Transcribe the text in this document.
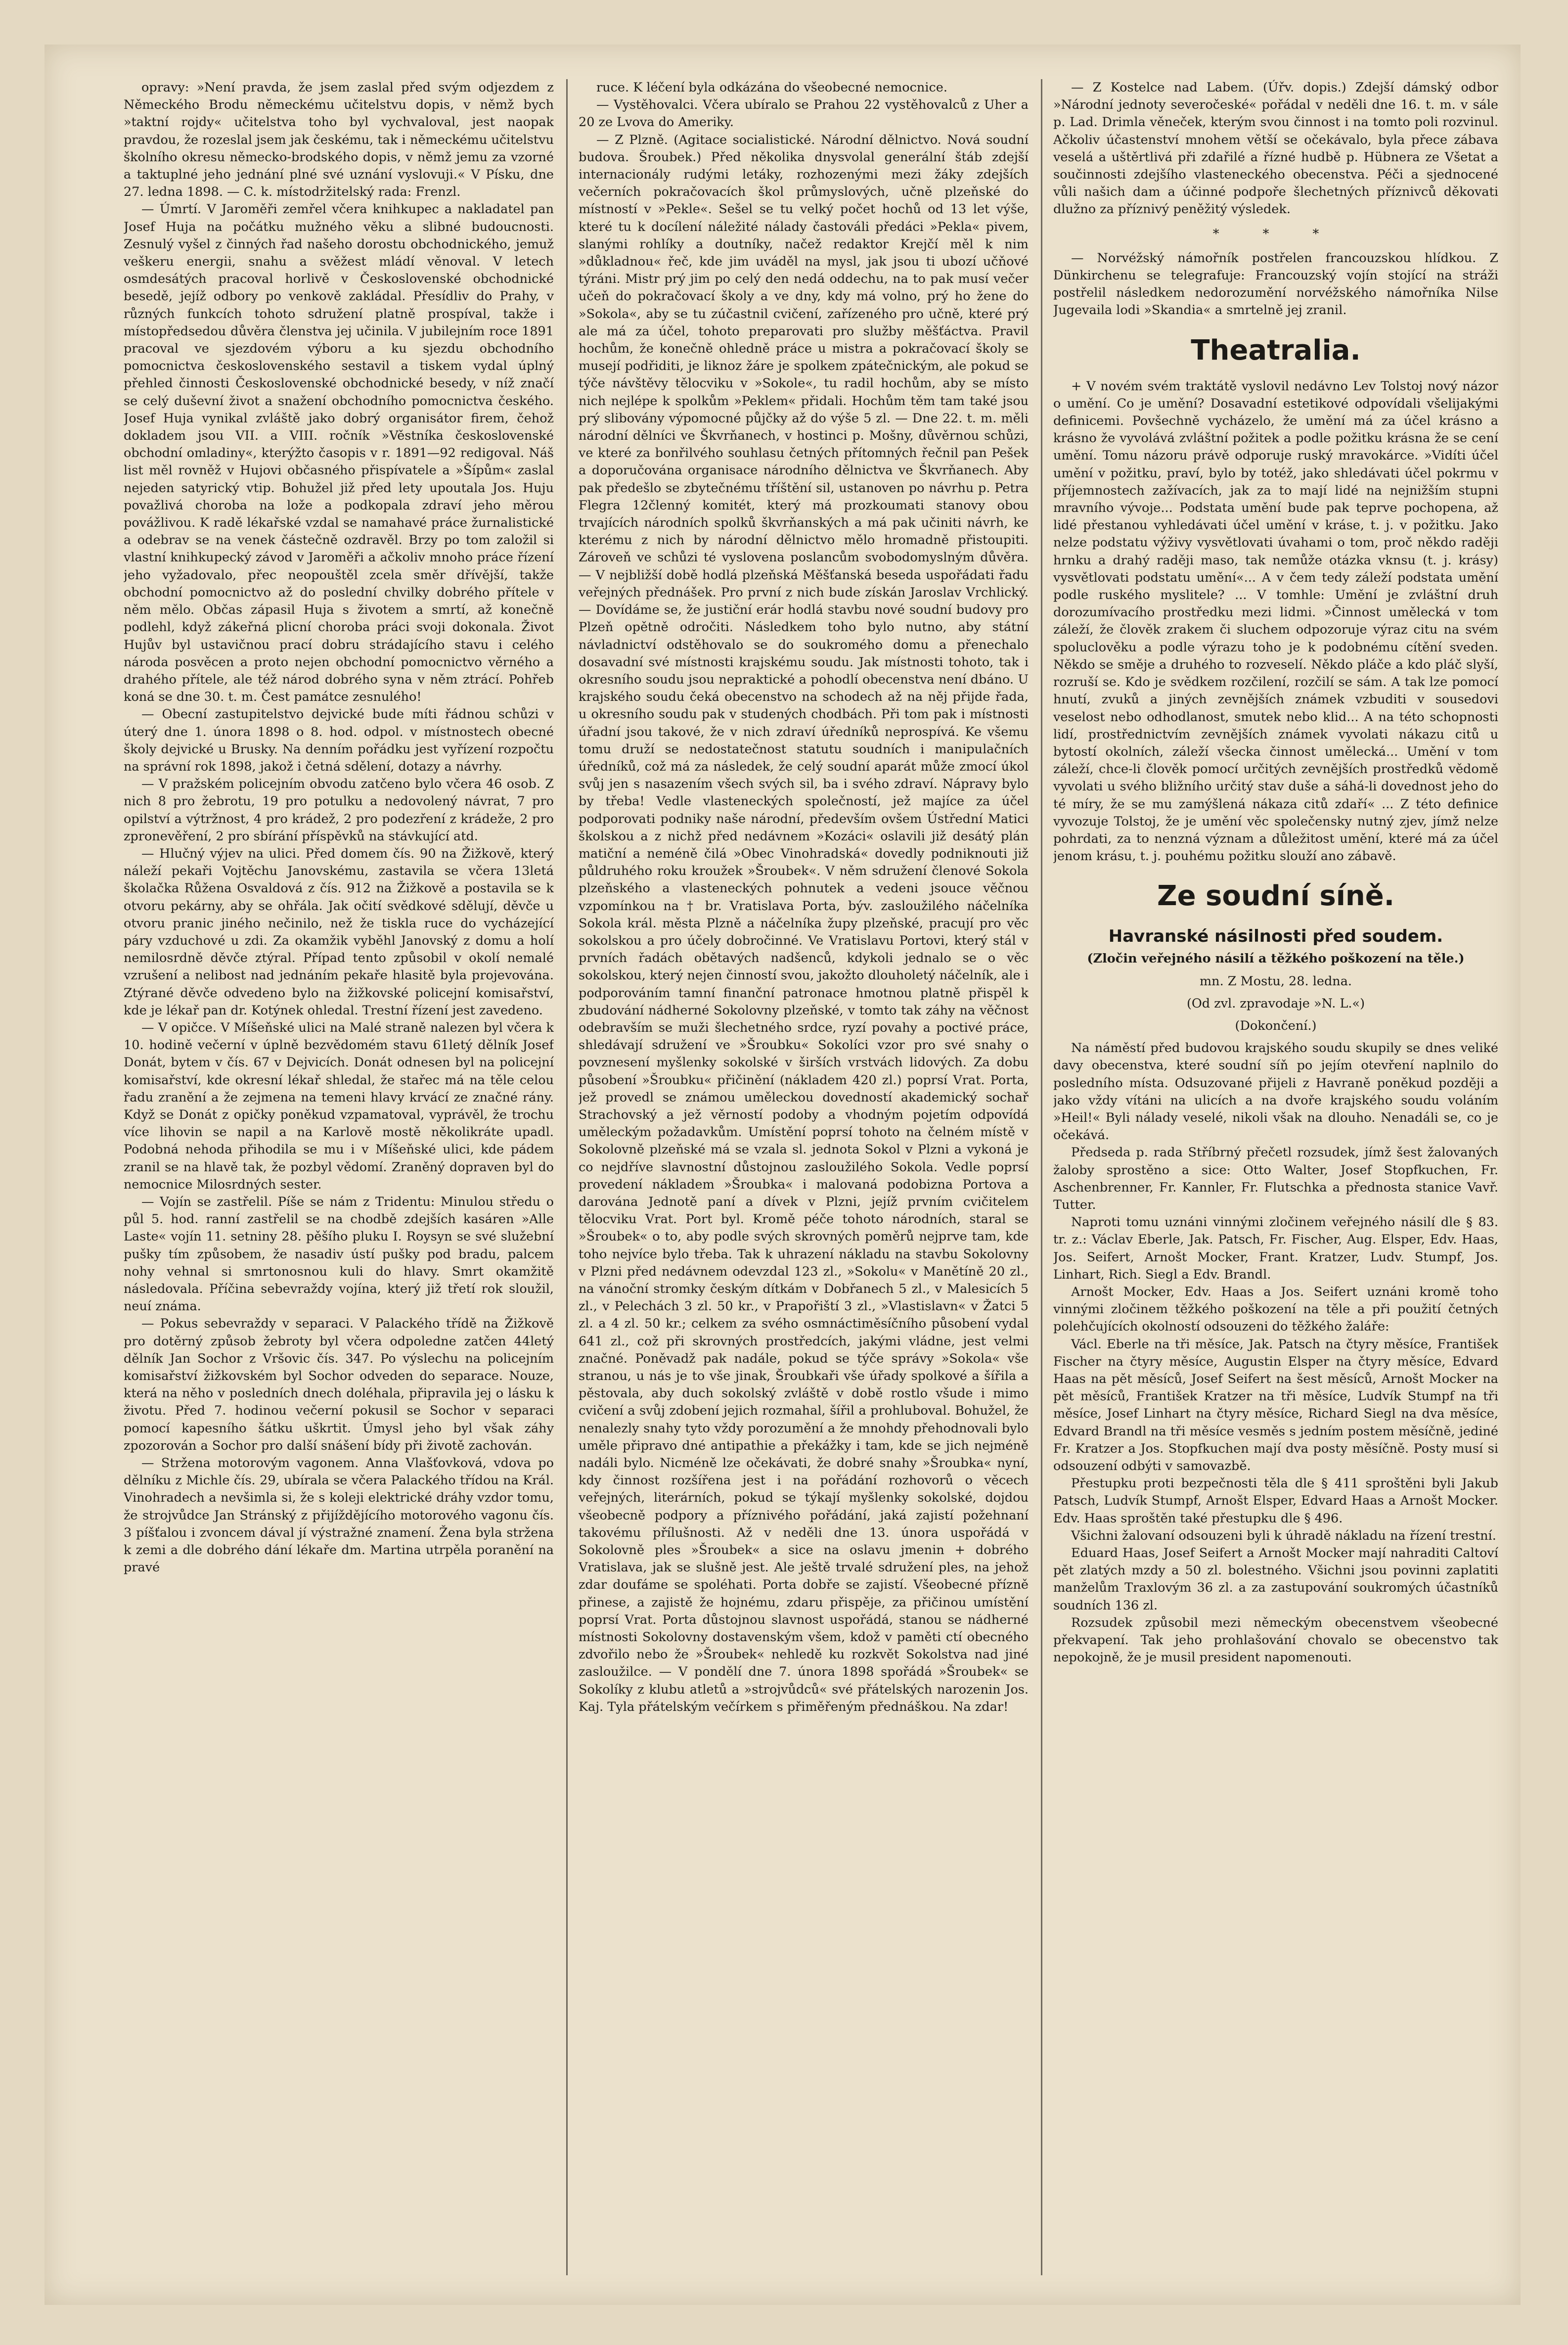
opravy: »Není pravda, že jsem zaslal před svým odjezdem z Německého Brodu německému učitelstvu dopis, v němž bych »taktní rojdy« učitelstva toho byl vychvaloval, jest naopak pravdou, že rozeslal jsem jak českému, tak i německému učitelstvu školního okresu německo-brodského dopis, v němž jemu za vzorné a taktuplné jeho jednání plné své uznání vyslovuji.« V Písku, dne 27. ledna 1898. — C. k. místodržitelský rada: Frenzl.

— Úmrtí. V Jaroměři zemřel včera knihkupec a nakladatel pan Josef Huja na počátku mužného věku a slibné budoucnosti. Zesnulý vyšel z činných řad našeho dorostu obchodnického, jemuž veškeru energii, snahu a svěžest mládí věnoval. V letech osmdesátých pracoval horlivě v Československé obchodnické besedě, jejíž odbory po venkově zakládal. Přesídliv do Prahy, v různých funkcích tohoto sdružení platně prospíval, takže i místopředsedou důvěra členstva jej učinila. V jubilejním roce 1891 pracoval ve sjezdovém výboru a ku sjezdu obchodního pomocnictva československého sestavil a tiskem vydal úplný přehled činnosti Československé obchodnické besedy, v níž značí se celý duševní život a snažení obchodního pomocnictva českého. Josef Huja vynikal zvláště jako dobrý organisátor firem, čehož dokladem jsou VII. a VIII. ročník »Věstníka československé obchodní omladiny«, kterýžto časopis v r. 1891—92 redigoval. Náš list měl rovněž v Hujovi občasného přispívatele a »Šípům« zaslal nejeden satyrický vtip. Bohužel již před lety upoutala Jos. Huju považlivá choroba na lože a podkopala zdraví jeho měrou povážlivou. K radě lékařské vzdal se namahavé práce žurnalistické a odebrav se na venek částečně ozdravěl. Brzy po tom založil si vlastní knihkupecký závod v Jaroměři a ačkoliv mnoho práce řízení jeho vyžadovalo, přec neopouštěl zcela směr dřívější, takže obchodní pomocnictvo až do poslední chvilky dobrého přítele v něm mělo. Občas zápasil Huja s životem a smrtí, až konečně podlehl, když zákeřná plicní choroba práci svoji dokonala. Život Hujův byl ustavičnou prací dobru strádajícího stavu i celého národa posvěcen a proto nejen obchodní pomocnictvo věrného a drahého přítele, ale též národ dobrého syna v něm ztrácí. Pohřeb koná se dne 30. t. m. Čest památce zesnulého!

— Obecní zastupitelstvo dejvické bude míti řádnou schůzi v úterý dne 1. února 1898 o 8. hod. odpol. v místnostech obecné školy dejvické u Brusky. Na denním pořádku jest vyřízení rozpočtu na správní rok 1898, jakož i četná sdělení, dotazy a návrhy.

— V pražském policejním obvodu zatčeno bylo včera 46 osob. Z nich 8 pro žebrotu, 19 pro potulku a nedovolený návrat, 7 pro opilství a výtržnost, 4 pro krádež, 2 pro podezření z krádeže, 2 pro zpronevěření, 2 pro sbírání příspěvků na stávkující atd.

— Hlučný výjev na ulici. Před domem čís. 90 na Žižkově, který náleží pekaři Vojtěchu Janovskému, zastavila se včera 13letá školačka Růžena Osvaldová z čís. 912 na Žižkově a postavila se k otvoru pekárny, aby se ohřála. Jak očití svědkové sdělují, děvče u otvoru pranic jiného nečinilo, než že tiskla ruce do vycházející páry vzduchové u zdi. Za okamžik vyběhl Janovský z domu a holí nemilosrdně děvče ztýral. Případ tento způsobil v okolí nemalé vzrušení a nelibost nad jednáním pekaře hlasitě byla projevována. Ztýrané děvče odvedeno bylo na žižkovské policejní komisařství, kde je lékař pan dr. Kotýnek ohledal. Trestní řízení jest zavedeno.

— V opičce. V Míšeňské ulici na Malé straně nalezen byl včera k 10. hodině večerní v úplně bezvědomém stavu 61letý dělník Josef Donát, bytem v čís. 67 v Dejvicích. Donát odnesen byl na policejní komisařství, kde okresní lékař shledal, že stařec má na těle celou řadu zranění a že zejmena na temeni hlavy krvácí ze značné rány. Když se Donát z opičky poněkud vzpamatoval, vyprávěl, že trochu více lihovin se napil a na Karlově mostě několikráte upadl. Podobná nehoda přihodila se mu i v Míšeňské ulici, kde pádem zranil se na hlavě tak, že pozbyl vědomí. Zraněný dopraven byl do nemocnice Milosrdných sester.

— Vojín se zastřelil. Píše se nám z Tridentu: Minulou středu o půl 5. hod. ranní zastřelil se na chodbě zdejších kasáren »Alle Laste« vojín 11. setniny 28. pěšího pluku I. Roysyn se své služební pušky tím způsobem, že nasadiv ústí pušky pod bradu, palcem nohy vehnal si smrtonosnou kuli do hlavy. Smrt okamžitě následovala. Příčina sebevraždy vojína, který již třetí rok sloužil, neuí známa.

— Pokus sebevraždy v separaci. V Palackého třídě na Žižkově pro dotěrný způsob žebroty byl včera odpoledne zatčen 44letý dělník Jan Sochor z Vršovic čís. 347. Po výslechu na policejním komisařství žižkovském byl Sochor odveden do separace. Nouze, která na něho v posledních dnech doléhala, připravila jej o lásku k životu. Před 7. hodinou večerní pokusil se Sochor v separaci pomocí kapesního šátku uškrtit. Úmysl jeho byl však záhy zpozorován a Sochor pro další snášení bídy při životě zachován.

— Stržena motorovým vagonem. Anna Vlašťovková, vdova po dělníku z Michle čís. 29, ubírala se včera Palackého třídou na Král. Vinohradech a nevšimla si, že s koleji elektrické dráhy vzdor tomu, že strojvůdce Jan Stránský z přijíždějícího motorového vagonu čís. 3 píšťalou i zvoncem dával jí výstražné znamení. Žena byla stržena k zemi a dle dobrého dání lékaře dm. Martina utrpěla poranění na pravé

ruce. K léčení byla odkázána do všeobecné nemocnice.

— Vystěhovalci. Včera ubíralo se Prahou 22 vystěhovalců z Uher a 20 ze Lvova do Ameriky.

— Z Plzně. (Agitace socialistické. Národní dělnictvo. Nová soudní budova. Šroubek.) Před několika dnysvolal generální štáb zdejší internacionály rudými letáky, rozhozenými mezi žáky zdejších večerních pokračovacích škol průmyslových, učně plzeňské do místností v »Pekle«. Sešel se tu velký počet hochů od 13 let výše, které tu k docílení náležité nálady častováli předáci »Pekla« pivem, slanými rohlíky a doutníky, načež redaktor Krejčí měl k nim »důkladnou« řeč, kde jim uváděl na mysl, jak jsou ti ubozí učňové týráni. Mistr prý jim po celý den nedá oddechu, na to pak musí večer učeň do pokračovací školy a ve dny, kdy má volno, prý ho žene do »Sokola«, aby se tu zúčastnil cvičení, zařízeného pro učně, které prý ale má za účel, tohoto preparovati pro služby měšťáctva. Pravil hochům, že konečně ohledně práce u mistra a pokračovací školy se musejí podřiditi, je liknoz žáre je spolkem zpátečnickým, ale pokud se týče návštěvy tělocviku v »Sokole«, tu radil hochům, aby se místo nich nejlépe k spolkům »Peklem« přidali. Hochům těm tam také jsou prý slibovány výpomocné půjčky až do výše 5 zl. — Dne 22. t. m. měli národní dělníci ve Škvrňanech, v hostinci p. Mošny, důvěrnou schůzi, ve které za bonřilvého souhlasu četných přítomných řečnil pan Pešek a doporučována organisace národního dělnictva ve Škvrňanech. Aby pak předešlo se zbytečnému tříštění sil, ustanoven po návrhu p. Petra Flegra 12členný komitét, který má prozkoumati stanovy obou trvajících národních spolků škvrňanských a má pak učiniti návrh, ke kterému z nich by národní dělnictvo mělo hromadně přistoupiti. Zároveň ve schůzi té vyslovena poslancům svobodomyslným důvěra. — V nejbližší době hodlá plzeňská Měšťanská beseda uspořádati řadu veřejných přednášek. Pro první z nich bude získán Jaroslav Vrchlický. — Dovídáme se, že justiční erár hodlá stavbu nové soudní budovy pro Plzeň opětně odročiti. Následkem toho bylo nutno, aby státní návladnictví odstěhovalo se do soukromého domu a přenechalo dosavadní své místnosti krajskému soudu. Jak místnosti tohoto, tak i okresního soudu jsou nepraktické a pohodlí obecenstva není dbáno. U krajského soudu čeká obecenstvo na schodech až na něj přijde řada, u okresního soudu pak v studených chodbách. Při tom pak i místnosti úřadní jsou takové, že v nich zdraví úředníků neprospívá. Ke všemu tomu druží se nedostatečnost statutu soudních i manipulačních úředníků, což má za následek, že celý soudní aparát může zmocí úkol svůj jen s nasazením všech svých sil, ba i svého zdraví. Nápravy bylo by třeba! Vedle vlasteneckých společností, jež majíce za účel podporovati podniky naše národní, především ovšem Ústřední Matici školskou a z nichž před nedávnem »Kozáci« oslavili již desátý plán matiční a neméně čilá »Obec Vinohradská« dovedly podniknouti již půldruhého roku kroužek »Šroubek«. V něm sdružení členové Sokola plzeňského a vlasteneckých pohnutek a vedeni jsouce věčnou vzpomínkou na † br. Vratislava Porta, býv. zasloužilého náčelníka Sokola král. města Plzně a náčelníka župy plzeňské, pracují pro věc sokolskou a pro účely dobročinné. Ve Vratislavu Portovi, který stál v prvních řadách obětavých nadšenců, kdykoli jednalo se o věc sokolskou, který nejen činností svou, jakožto dlouholetý náčelník, ale i podporováním tamní finanční patronace hmotnou platně přispěl k zbudování nádherné Sokolovny plzeňské, v tomto tak záhy na věčnost odebravším se muži šlechetného srdce, ryzí povahy a poctivé práce, shledávají sdružení ve »Šroubku« Sokolíci vzor pro své snahy o povznesení myšlenky sokolské v širších vrstvách lidových. Za dobu působení »Šroubku« přičinění (nákladem 420 zl.) poprsí Vrat. Porta, jež provedl se známou uměleckou dovedností akademický sochař Strachovský a jež věrností podoby a vhodným pojetím odpovídá uměleckým požadavkům. Umístění poprsí tohoto na čelném místě v Sokolovně plzeňské má se vzala sl. jednota Sokol v Plzni a vykoná je co nejdříve slavnostní důstojnou zasloužilého Sokola. Vedle poprsí provedení nákladem »Šroubka« i malovaná podobizna Portova a darována Jednotě paní a dívek v Plzni, jejíž prvním cvičitelem tělocviku Vrat. Port byl. Kromě péče tohoto národních, staral se »Šroubek« o to, aby podle svých skrovných poměrů nejprve tam, kde toho nejvíce bylo třeba. Tak k uhrazení nákladu na stavbu Sokolovny v Plzni před nedávnem odevzdal 123 zl., »Sokolu« v Manětíně 20 zl., na vánoční stromky českým dítkám v Dobřanech 5 zl., v Malesicích 5 zl., v Pelechách 3 zl. 50 kr., v Prapořiští 3 zl., »Vlastislavn« v Žatci 5 zl. a 4 zl. 50 kr.; celkem za svého osmnáctiměsíčního působení vydal 641 zl., což při skrovných prostředcích, jakými vládne, jest velmi značné. Poněvadž pak nadále, pokud se týče správy »Sokola« vše stranou, u nás je to vše jinak, Šroubkaři vše úřady spolkové a šířila a pěstovala, aby duch sokolský zvláště v době rostlo všude i mimo cvičení a svůj zdobení jejich rozmahal, šířil a prohluboval. Bohužel, že nenalezly snahy tyto vždy porozumění a že mnohdy přehodnovali bylo uměle připravo dné antipathie a překážky i tam, kde se jich nejméně nadáli bylo. Nicméně lze očekávati, že dobré snahy »Šroubka« nyní, kdy činnost rozšířena jest i na pořádání rozhovorů o věcech veřejných, literárních, pokud se týkají myšlenky sokolské, dojdou všeobecně podpory a příznivého pořádání, jaká zajistí požehnaní takovému přílušnosti. Až v neděli dne 13. února uspořádá v Sokolovně ples »Šroubek« a sice na oslavu jmenin + dobrého Vratislava, jak se slušně jest. Ale ještě trvalé sdružení ples, na jehož zdar doufáme se spoléhati. Porta dobře se zajistí. Všeobecné přízně přinese, a zajistě že hojnému, zdaru přispěje, za přičinou umístění poprsí Vrat. Porta důstojnou slavnost uspořádá, stanou se nádherné místnosti Sokolovny dostavenským všem, kdož v paměti ctí obecného zdvořilo nebo že »Šroubek« nehledě ku rozkvět Sokolstva nad jiné zasloužilce. — V pondělí dne 7. února 1898 spořádá »Šroubek« se Sokolíky z klubu atletů a »strojvůdců« své přátelských narozenin Jos. Kaj. Tyla přátelským večírkem s přiměřeným přednáškou. Na zdar!

— Z Kostelce nad Labem. (Úřv. dopis.) Zdejší dámský odbor »Národní jednoty severočeské« pořádal v neděli dne 16. t. m. v sále p. Lad. Drimla věneček, kterým svou činnost i na tomto poli rozvinul. Ačkoliv účastenství mnohem větší se očekávalo, byla přece zábava veselá a uštěrtlivá při zdařilé a řízné hudbě p. Hübnera ze Všetat a součinnosti zdejšího vlasteneckého obecenstva. Péči a sjednocené vůli našich dam a účinné podpoře šlechetných příznivců děkovati dlužno za příznivý peněžitý výsledek.

* * *

— Norvéžský námořník postřelen francouzskou hlídkou. Z Dünkirchenu se telegrafuje: Francouzský vojín stojící na stráži postřelil následkem nedorozumění norvéžského námořníka Nilse Jugevaila lodi »Skandia« a smrtelně jej zranil.

Theatralia.

+ V novém svém traktátě vyslovil nedávno Lev Tolstoj nový názor o umění. Co je umění? Dosavadní estetikové odpovídali všelijakými definicemi. Povšechně vycházelo, že umění má za účel krásno a krásno že vyvolává zvláštní požitek a podle požitku krásna že se cení umění. Tomu názoru právě odporuje ruský mravokárce. »Vidíti účel umění v požitku, praví, bylo by totéž, jako shledávati účel pokrmu v příjemnostech zažívacích, jak za to mají lidé na nejnižším stupni mravního vývoje... Podstata umění bude pak teprve pochopena, až lidé přestanou vyhledávati účel umění v kráse, t. j. v požitku. Jako nelze podstatu výživy vysvětlovati úvahami o tom, proč někdo raději hrnku a drahý raději maso, tak nemůže otázka vknsu (t. j. krásy) vysvětlovati podstatu umění«... A v čem tedy záleží podstata umění podle ruského myslitele? ... V tomhle: Umění je zvláštní druh dorozumívacího prostředku mezi lidmi. »Činnost umělecká v tom záleží, že člověk zrakem či sluchem odpozoruje výraz citu na svém spoluclověku a podle výrazu toho je k podobnému cítění sveden. Někdo se směje a druhého to rozveselí. Někdo pláče a kdo pláč slyší, rozruší se. Kdo je svědkem rozčilení, rozčilí se sám. A tak lze pomocí hnutí, zvuků a jiných zevnějších známek vzbuditi v sousedovi veselost nebo odhodlanost, smutek nebo klid... A na této schopnosti lidí, prostřednictvím zevnějších známek vyvolati nákazu citů u bytostí okolních, záleží všecka činnost umělecká... Umění v tom záleží, chce-li člověk pomocí určitých zevnějších prostředků vědomě vyvolati u svého bližního určitý stav duše a sáhá-li dovednost jeho do té míry, že se mu zamýšlená nákaza citů zdaří« ... Z této definice vyvozuje Tolstoj, že je umění věc společensky nutný zjev, jímž nelze pohrdati, za to nenzná význam a důležitost umění, které má za účel jenom krásu, t. j. pouhému požitku slouží ano zábavě.

Ze soudní síně.
Havranské násilnosti před soudem.
(Zločin veřejného násilí a těžkého poškození na těle.)
mn. Z Mostu, 28. ledna.
(Od zvl. zpravodaje »N. L.«)
(Dokončení.)

Na náměstí před budovou krajského soudu skupily se dnes veliké davy obecenstva, které soudní síň po jejím otevření naplnilo do posledního místa. Odsuzované přijeli z Havraně poněkud později a jako vždy vítáni na ulicích a na dvoře krajského soudu voláním »Heil!« Byli nálady veselé, nikoli však na dlouho. Nenadáli se, co je očekává.

Předseda p. rada Stříbrný přečetl rozsudek, jímž šest žalovaných žaloby sprostěno a sice: Otto Walter, Josef Stopfkuchen, Fr. Aschenbrenner, Fr. Kannler, Fr. Flutschka a přednosta stanice Vavř. Tutter.

Naproti tomu uznáni vinnými zločinem veřejného násilí dle § 83. tr. z.: Václav Eberle, Jak. Patsch, Fr. Fischer, Aug. Elsper, Edv. Haas, Jos. Seifert, Arnošt Mocker, Frant. Kratzer, Ludv. Stumpf, Jos. Linhart, Rich. Siegl a Edv. Brandl.

Arnošt Mocker, Edv. Haas a Jos. Seifert uznáni kromě toho vinnými zločinem těžkého poškození na těle a při použití četných polehčujících okolností odsouzeni do těžkého žaláře:

Václ. Eberle na tři měsíce, Jak. Patsch na čtyry měsíce, František Fischer na čtyry měsíce, Augustin Elsper na čtyry měsíce, Edvard Haas na pět měsíců, Josef Seifert na šest měsíců, Arnošt Mocker na pět měsíců, František Kratzer na tři měsíce, Ludvík Stumpf na tři měsíce, Josef Linhart na čtyry měsíce, Richard Siegl na dva měsíce, Edvard Brandl na tři měsíce vesměs s jedním postem měsíčně, jediné Fr. Kratzer a Jos. Stopfkuchen mají dva posty měsíčně. Posty musí si odsouzení odbýti v samovazbě.

Přestupku proti bezpečnosti těla dle § 411 sproštěni byli Jakub Patsch, Ludvík Stumpf, Arnošt Elsper, Edvard Haas a Arnošt Mocker. Edv. Haas sproštěn také přestupku dle § 496.

Všichni žalovaní odsouzeni byli k úhradě nákladu na řízení trestní.

Eduard Haas, Josef Seifert a Arnošt Mocker mají nahraditi Caltoví pět zlatých mzdy a 50 zl. bolestného. Všichni jsou povinni zaplatiti manželům Traxlovým 36 zl. a za zastupování soukromých účastníků soudních 136 zl.

Rozsudek způsobil mezi německým obecenstvem všeobecné překvapení. Tak jeho prohlašování chovalo se obecenstvo tak nepokojně, že je musil president napomenouti.
